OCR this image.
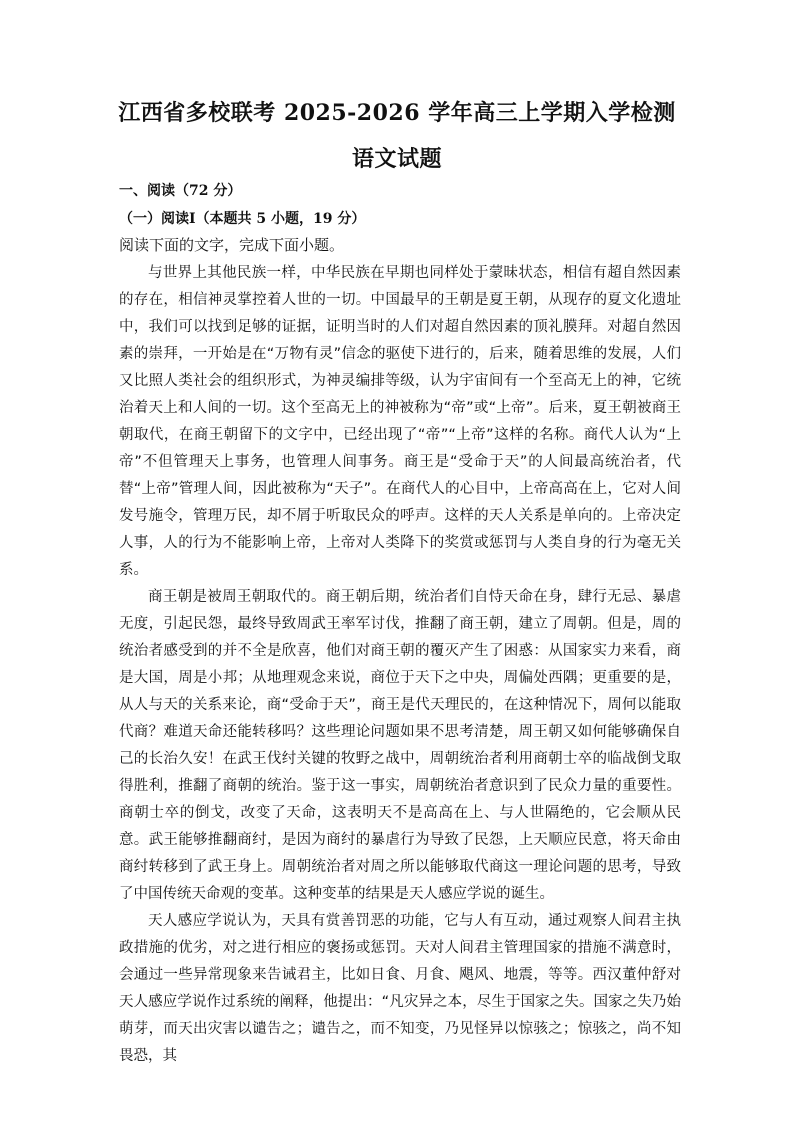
江西省多校联考 2025-2026 学年高三上学期入学检测
语文试题
一、阅读（72 分）
（一）阅读Ⅰ（本题共 5 小题，19 分）
阅读下面的文字，完成下面小题。

与世界上其他民族一样，中华民族在早期也同样处于蒙昧状态，相信有超自然因素的存在，相信神灵掌控着人世的一切。中国最早的王朝是夏王朝，从现存的夏文化遗址中，我们可以找到足够的证据，证明当时的人们对超自然因素的顶礼膜拜。对超自然因素的崇拜，一开始是在“万物有灵”信念的驱使下进行的，后来，随着思维的发展，人们又比照人类社会的组织形式，为神灵编排等级，认为宇宙间有一个至高无上的神，它统治着天上和人间的一切。这个至高无上的神被称为“帝”或“上帝”。后来，夏王朝被商王朝取代，在商王朝留下的文字中，已经出现了“帝”“上帝”这样的名称。商代人认为“上帝”不但管理天上事务，也管理人间事务。商王是“受命于天”的人间最高统治者，代替“上帝”管理人间，因此被称为“天子”。在商代人的心目中，上帝高高在上，它对人间发号施令，管理万民，却不屑于听取民众的呼声。这样的天人关系是单向的。上帝决定人事，人的行为不能影响上帝，上帝对人类降下的奖赏或惩罚与人类自身的行为毫无关系。

商王朝是被周王朝取代的。商王朝后期，统治者们自恃天命在身，肆行无忌、暴虐无度，引起民怨，最终导致周武王率军讨伐，推翻了商王朝，建立了周朝。但是，周的统治者感受到的并不全是欣喜，他们对商王朝的覆灭产生了困惑：从国家实力来看，商是大国，周是小邦；从地理观念来说，商位于天下之中央，周偏处西隅；更重要的是，从人与天的关系来论，商“受命于天”，商王是代天理民的，在这种情况下，周何以能取代商？难道天命还能转移吗？这些理论问题如果不思考清楚，周王朝又如何能够确保自己的长治久安！在武王伐纣关键的牧野之战中，周朝统治者利用商朝士卒的临战倒戈取得胜利，推翻了商朝的统治。鉴于这一事实，周朝统治者意识到了民众力量的重要性。商朝士卒的倒戈，改变了天命，这表明天不是高高在上、与人世隔绝的，它会顺从民意。武王能够推翻商纣，是因为商纣的暴虐行为导致了民怨，上天顺应民意，将天命由商纣转移到了武王身上。周朝统治者对周之所以能够取代商这一理论问题的思考，导致了中国传统天命观的变革。这种变革的结果是天人感应学说的诞生。

天人感应学说认为，天具有赏善罚恶的功能，它与人有互动，通过观察人间君主执政措施的优劣，对之进行相应的褒扬或惩罚。天对人间君主管理国家的措施不满意时，会通过一些异常现象来告诫君主，比如日食、月食、飓风、地震，等等。西汉董仲舒对天人感应学说作过系统的阐释，他提出：“凡灾异之本，尽生于国家之失。国家之失乃始萌芽，而天出灾害以谴告之；谴告之，而不知变，乃见怪异以惊骇之；惊骇之，尚不知畏恐，其
